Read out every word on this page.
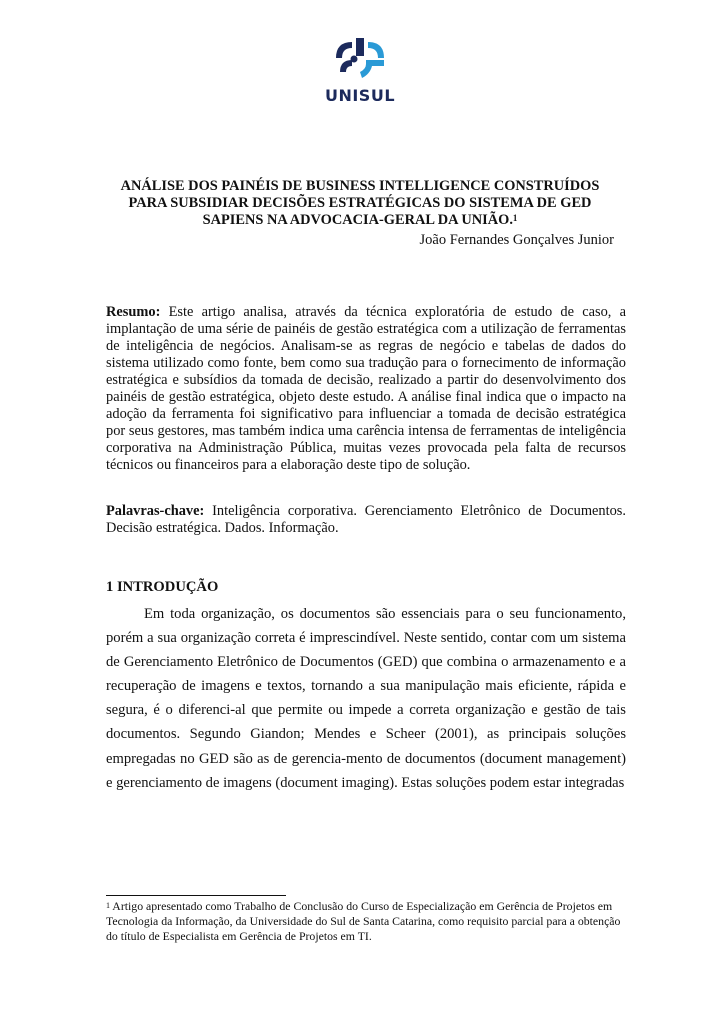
UNISUL
ANÁLISE DOS PAINÉIS DE BUSINESS INTELLIGENCE CONSTRUÍDOS PARA SUBSIDIAR DECISÕES ESTRATÉGICAS DO SISTEMA DE GED SAPIENS NA ADVOCACIA-GERAL DA UNIÃO.$^1$
João Fernandes Gonçalves Junior
Resumo: Este artigo analisa, através da técnica exploratória de estudo de caso, a implantação de uma série de painéis de gestão estratégica com a utilização de ferramentas de inteligência de negócios. Analisam-se as regras de negócio e tabelas de dados do sistema utilizado como fonte, bem como sua tradução para o fornecimento de informação estratégica e subsídios da tomada de decisão, realizado a partir do desenvolvimento dos painéis de gestão estratégica, objeto deste estudo. A análise final indica que o impacto na adoção da ferramenta foi significativo para influenciar a tomada de decisão estratégica por seus gestores, mas também indica uma carência intensa de ferramentas de inteligência corporativa na Administração Pública, muitas vezes provocada pela falta de recursos técnicos ou financeiros para a elaboração deste tipo de solução.
Palavras-chave: Inteligência corporativa. Gerenciamento Eletrônico de Documentos. Decisão estratégica. Dados. Informação.
1 INTRODUÇÃO

Em toda organização, os documentos são essenciais para o seu funcionamento, porém a sua organização correta é imprescindível. Neste sentido, contar com um sistema de Gerenciamento Eletrônico de Documentos (GED) que combina o armazenamento e a recuperação de imagens e textos, tornando a sua manipulação mais eficiente, rápida e segura, é o diferenci-al que permite ou impede a correta organização e gestão de tais documentos. Segundo Giandon; Mendes e Scheer (2001), as principais soluções empregadas no GED são as de gerencia-mento de documentos (document management) e gerenciamento de imagens (document imaging). Estas soluções podem estar integradas

$^1$ Artigo apresentado como Trabalho de Conclusão do Curso de Especialização em Gerência de Projetos em Tecnologia da Informação, da Universidade do Sul de Santa Catarina, como requisito parcial para a obtenção do título de Especialista em Gerência de Projetos em TI.
